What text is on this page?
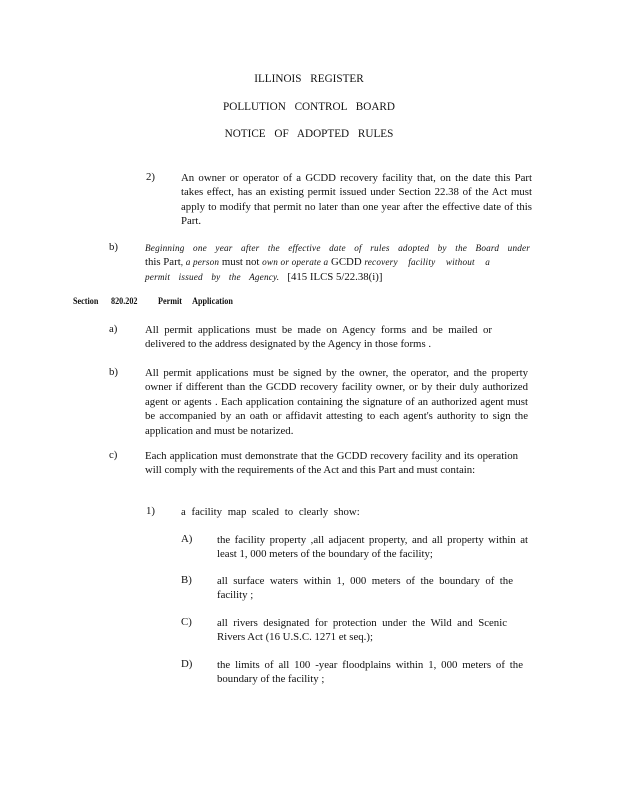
ILLINOIS REGISTER
POLLUTION CONTROL BOARD
NOTICE OF ADOPTED RULES
2) An owner or operator of a GCDD recovery facility that, on the date this Part takes effect, has an existing permit issued under Section 22.38 of the Act must apply to modify that permit no later than one year after the effective date of this Part.
b)	Beginning one year after the effective date of rules adopted by the Board under
this Part, a person must not own or operate a GCDD recovery facility without a
permit issued by the Agency. [415 ILCS 5/22.38(i)]
Section 820.202 Permit Application
a)	All permit applications must be made on Agency forms and be mailed or delivered to the address designated by the Agency in those forms .
b)	All permit applications must be signed by the owner, the operator, and the property owner if different than the GCDD recovery facility owner, or by their duly authorized agent or agents . Each application containing the signature of an authorized agent must be accompanied by an oath or affidavit attesting to each agent's authority to sign the application and must be notarized.
c)	Each application must demonstrate that the GCDD recovery facility and its operation will comply with the requirements of the Act and this Part and must contain:
1) a facility map scaled to clearly show:
A) the facility property ,all adjacent property, and all property within at least 1, 000 meters of the boundary of the facility;
B) all surface waters within 1, 000 meters of the boundary of the facility ;
C) all rivers designated for protection under the Wild and Scenic Rivers Act (16 U.S.C. 1271 et seq.);
D) the limits of all 100 -year floodplains within 1, 000 meters of the boundary of the facility ;
